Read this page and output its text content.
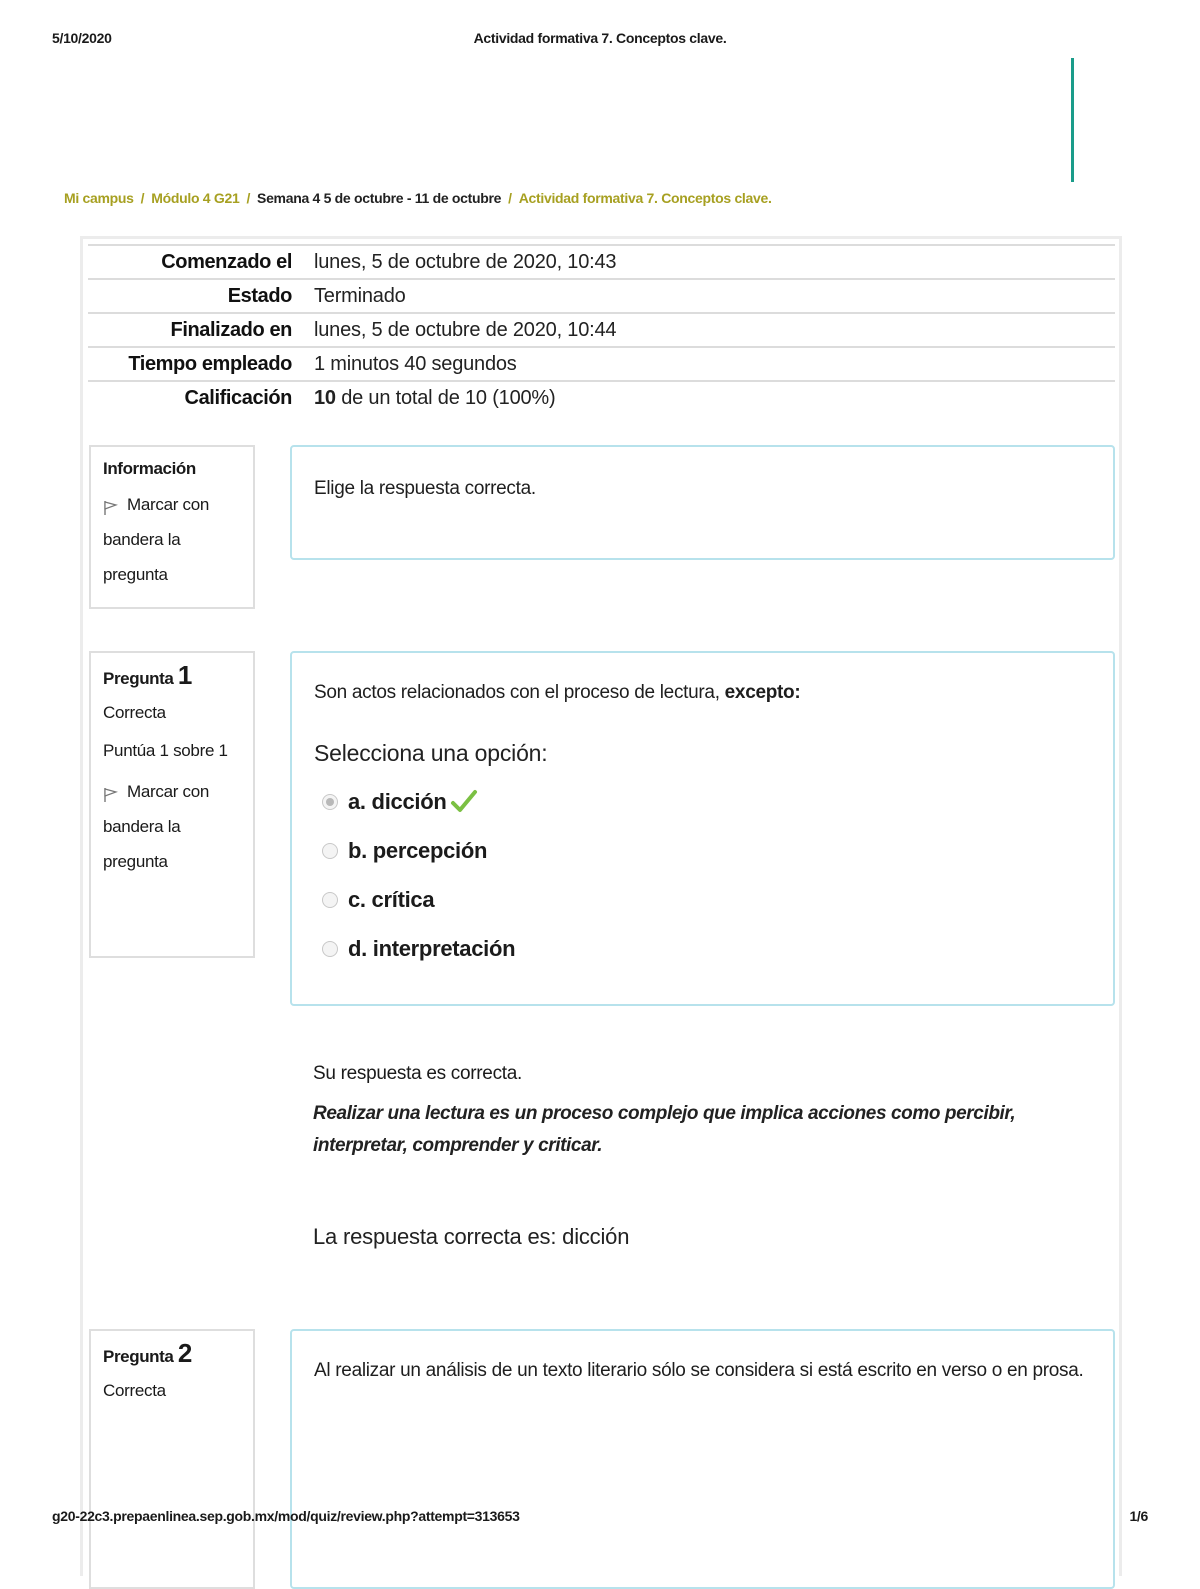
5/10/2020	Actividad formativa 7. Conceptos clave.
Mi campus / Módulo 4 G21 / Semana 4 5 de octubre - 11 de octubre / Actividad formativa 7. Conceptos clave.
Comenzado el	lunes, 5 de octubre de 2020, 10:43
Estado	Terminado
Finalizado en	lunes, 5 de octubre de 2020, 10:44
Tiempo empleado	1 minutos 40 segundos
Calificación	10 de un total de 10 (100%)
Información
Marcar con bandera la pregunta
Elige la respuesta correcta.
Pregunta 1
Correcta
Puntúa 1 sobre 1
Marcar con bandera la pregunta
Son actos relacionados con el proceso de lectura, excepto:
Selecciona una opción:
a. dicción
b. percepción
c. crítica
d. interpretación
Su respuesta es correcta.
Realizar una lectura es un proceso complejo que implica acciones como percibir, interpretar, comprender y criticar.
La respuesta correcta es: dicción
Pregunta 2
Correcta
Al realizar un análisis de un texto literario sólo se considera si está escrito en verso o en prosa.
g20-22c3.prepaenlinea.sep.gob.mx/mod/quiz/review.php?attempt=313653	1/6
